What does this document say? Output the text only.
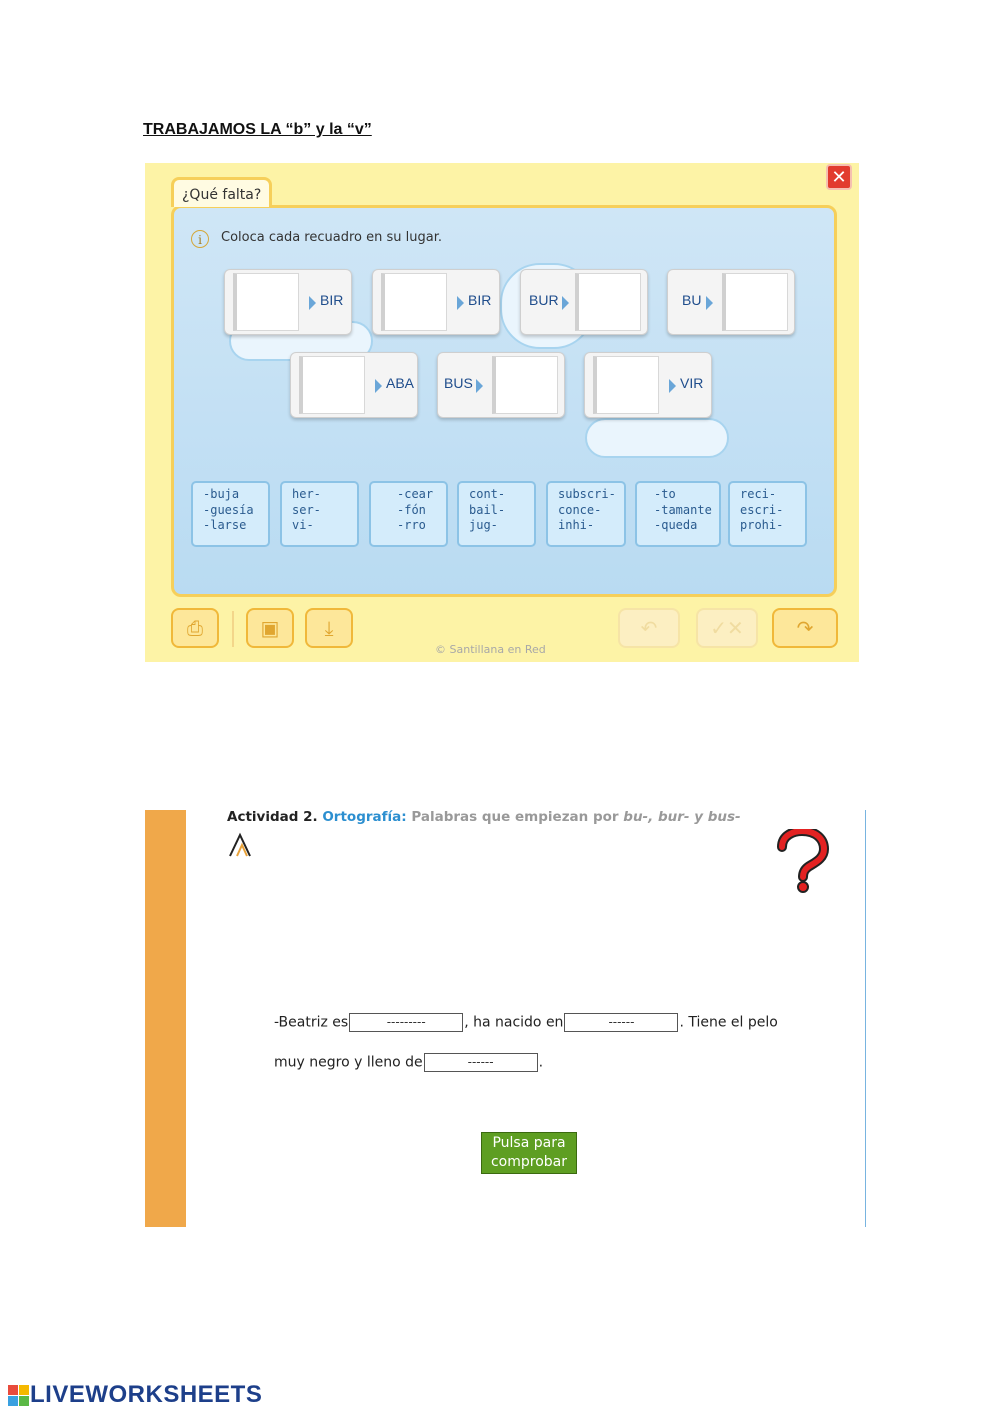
TRABAJAMOS LA “b” y la “v”
¿Qué falta?
✕
i	Coloca cada recuadro en su lugar.
BIR	BIR	BUR	BU
ABA BUS	VIR
-buja
-guesía
-larse
her-
ser-
vi-
-cear
-fón
-rro
cont-
bail-
jug-
subscri-
conce-
inhi-
-to
-tamante
-queda
reci-
escri-
prohi-
⎙	▣	⤓	↶	✓✕	↷
© Santillana en Red
Actividad 2. Ortografía: Palabras que empiezan por bu-, bur- y bus-
-Beatriz es	---------	, ha nacido en	------	. Tiene el pelo
muy negro y lleno de	------	.
Pulsa para
comprobar
LIVEWORKSHEETS
